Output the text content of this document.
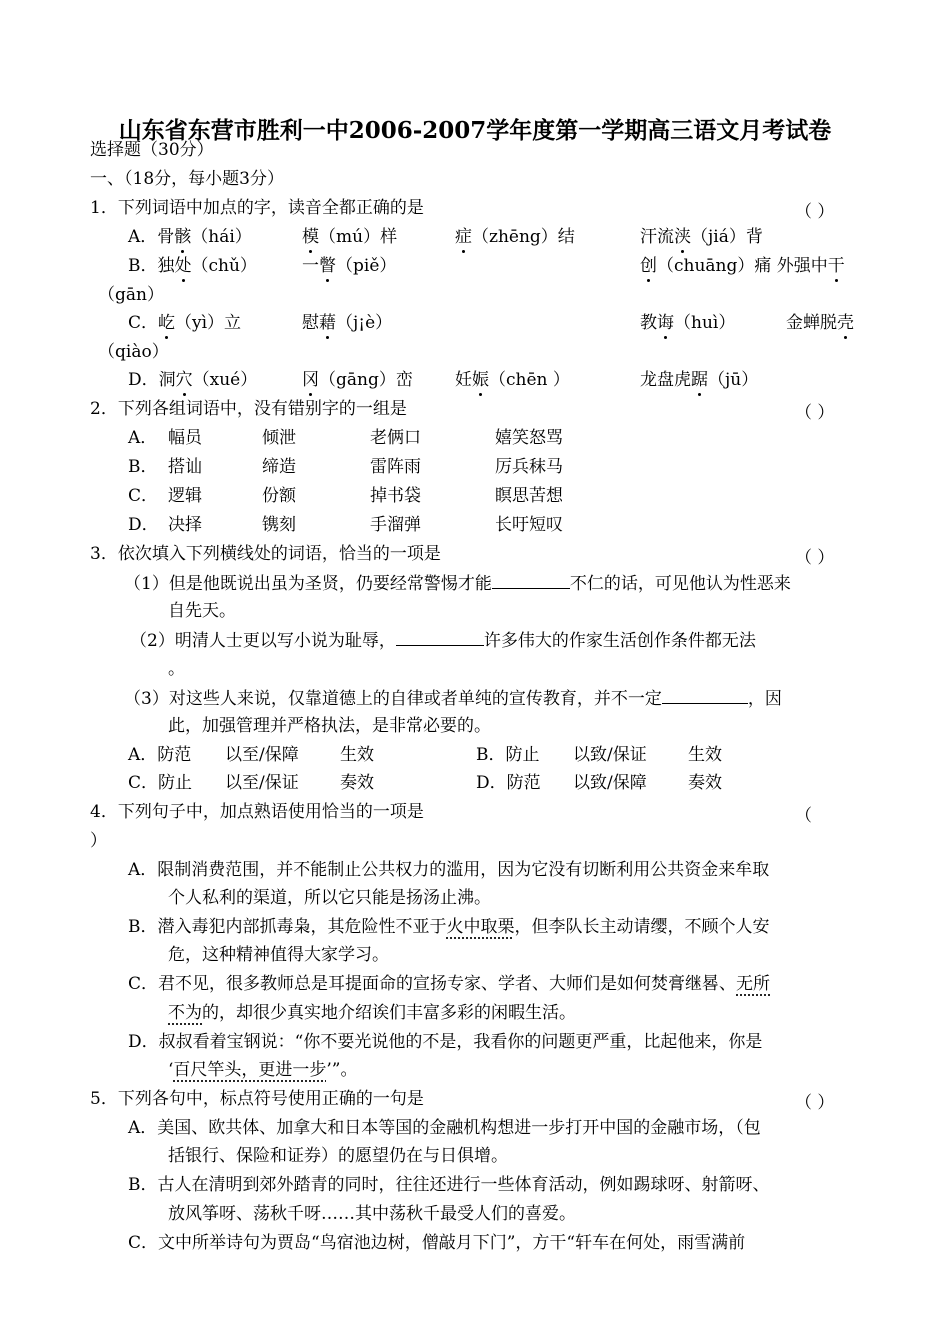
山东省东营市胜利一中2006-2007学年度第一学期高三语文月考试卷
选择题（30分）
一、（18分，每小题3分）
1．下列词语中加点的字，读音全都正确的是	（ ）
A．骨骸（hái）	模（mú）样	症（zhēng）结	汗流浃（jiá）背
B．独处（chǔ）	一瞥（piě）	创（chuāng）痛 外强中干
（gān）
C．屹（yì）立	慰藉（j¡è）	教诲（huì）	金蝉脱壳
（qiào）
D．洞穴（xué）	冈（gāng）峦 妊娠（chēn ）	龙盘虎踞（jū）
2．下列各组词语中，没有错别字的一组是	（ ）
A． 幅员	倾泄	老俩口	嬉笑怒骂
B． 搭讪	缔造	雷阵雨	厉兵秣马
C． 逻辑	份额	掉书袋	瞑思苦想
D． 决择	镌刻	手溜弹	长吁短叹
3．依次填入下列横线处的词语，恰当的一项是	（ ）
（1）但是他既说出虽为圣贤，仍要经常警惕才能	不仁的话，可见他认为性恶来
自先天。
（2）明清人士更以写小说为耻辱，	许多伟大的作家生活创作条件都无法
。
（3）对这些人来说，仅靠道德上的自律或者单纯的宣传教育，并不一定	，因
此，加强管理并严格执法，是非常必要的。
A．防范 以至/保障 生效	B．防止 以致/保证 生效
C．防止 以至/保证 奏效	D．防范 以致/保障 奏效
4．下列句子中，加点熟语使用恰当的一项是	（
）
A．限制消费范围，并不能制止公共权力的滥用，因为它没有切断利用公共资金来牟取
个人私利的渠道，所以它只能是扬汤止沸。
B．潜入毒犯内部抓毒枭，其危险性不亚于火中取栗，但李队长主动请缨，不顾个人安
危，这种精神值得大家学习。
C．君不见，很多教师总是耳提面命的宣扬专家、学者、大师们是如何焚膏继晷、无所
不为的，却很少真实地介绍诶们丰富多彩的闲暇生活。
D．叔叔看着宝钢说：“你不要光说他的不是，我看你的问题更严重，比起他来，你是
‘百尺竿头，更进一步’”。
5．下列各句中，标点符号使用正确的一句是	（ ）
A．美国、欧共体、加拿大和日本等国的金融机构想进一步打开中国的金融市场，（包
括银行、保险和证券）的愿望仍在与日俱增。
B．古人在清明到郊外踏青的同时，往往还进行一些体育活动，例如踢球呀、射箭呀、
放风筝呀、荡秋千呀……其中荡秋千最受人们的喜爱。
C．文中所举诗句为贾岛“鸟宿池边树，僧敲月下门”，方干“轩车在何处，雨雪满前
